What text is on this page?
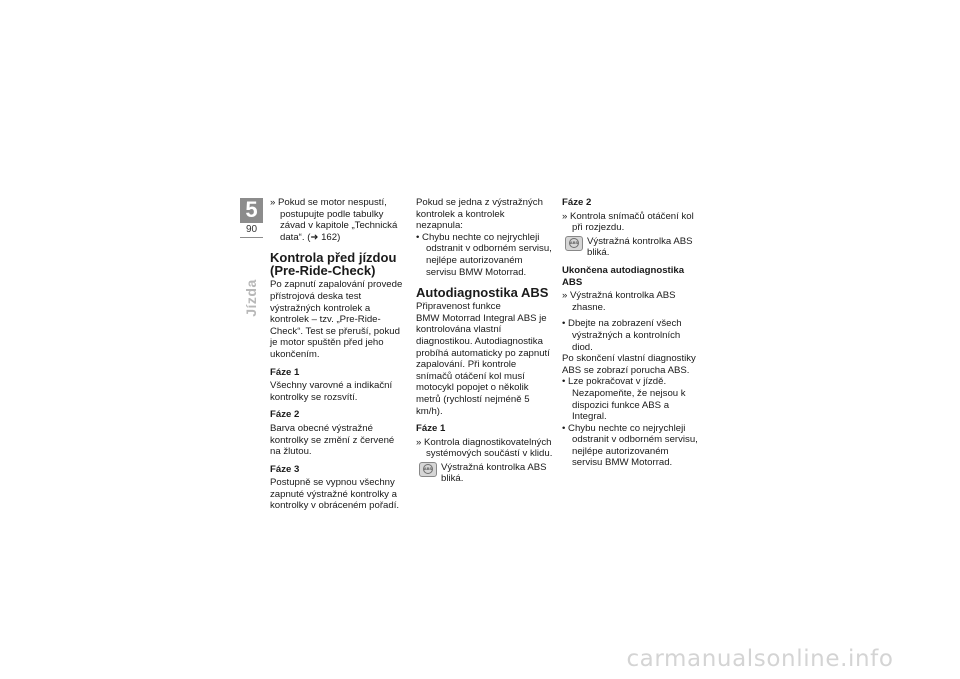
5
90
Jízda

» Pokud se motor nespustí, postupujte podle tabulky závad v kapitole „Technická data“. (➜ 162)

Kontrola před jízdou (Pre-Ride-Check)

Po zapnutí zapalování provede přístrojová deska test výstražných kontrolek a kontrolek – tzv. „Pre-Ride-Check“. Test se přeruší, pokud je motor spuštěn před jeho ukončením.

Fáze 1

Všechny varovné a indikační kontrolky se rozsvítí.

Fáze 2

Barva obecné výstražné kontrolky se změní z červené na žlutou.

Fáze 3

Postupně se vypnou všechny zapnuté výstražné kontrolky a kontrolky v obráceném pořadí.

Pokud se jedna z výstražných kontrolek a kontrolek nezapnula:

• Chybu nechte co nejrychleji odstranit v odborném servisu, nejlépe autorizovaném servisu BMW Motorrad.

Autodiagnostika ABS

Připravenost funkce

BMW Motorrad Integral ABS je kontrolována vlastní diagnostikou. Autodiagnostika probíhá automaticky po zapnutí zapalování. Při kontrole snímačů otáčení kol musí motocykl popojet o několik metrů (rychlostí nejméně 5 km/h).

Fáze 1

» Kontrola diagnostikovatelných systémových součástí v klidu.

ABS Výstražná kontrolka ABS bliká.

Fáze 2

» Kontrola snímačů otáčení kol při rozjezdu.

ABS Výstražná kontrolka ABS bliká.

Ukončena autodiagnostika ABS

» Výstražná kontrolka ABS zhasne.

• Dbejte na zobrazení všech výstražných a kontrolních diod.

Po skončení vlastní diagnostiky ABS se zobrazí porucha ABS.

• Lze pokračovat v jízdě. Nezapomeňte, že nejsou k dispozici funkce ABS a Integral.

• Chybu nechte co nejrychleji odstranit v odborném servisu, nejlépe autorizovaném servisu BMW Motorrad.

carmanualsonline.info
